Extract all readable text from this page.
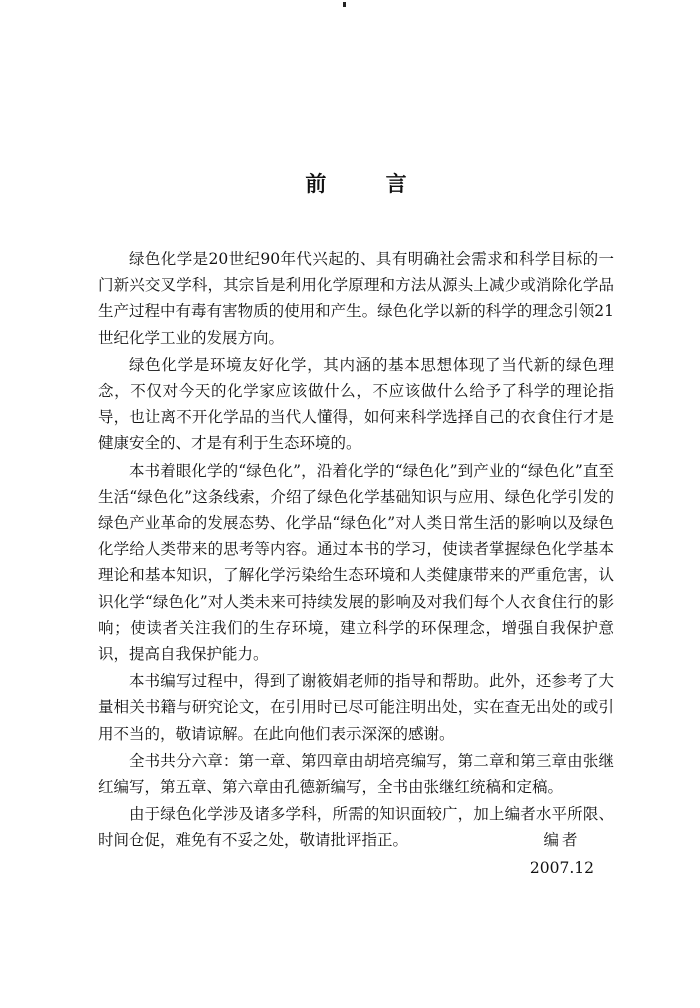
前 言

绿色化学是20世纪90年代兴起的、具有明确社会需求和科学目标的一门新兴交叉学科，其宗旨是利用化学原理和方法从源头上减少或消除化学品生产过程中有毒有害物质的使用和产生。绿色化学以新的科学的理念引领21世纪化学工业的发展方向。

绿色化学是环境友好化学，其内涵的基本思想体现了当代新的绿色理念，不仅对今天的化学家应该做什么，不应该做什么给予了科学的理论指导，也让离不开化学品的当代人懂得，如何来科学选择自己的衣食住行才是健康安全的、才是有利于生态环境的。

本书着眼化学的“绿色化”，沿着化学的“绿色化”到产业的“绿色化”直至生活“绿色化”这条线索，介绍了绿色化学基础知识与应用、绿色化学引发的绿色产业革命的发展态势、化学品“绿色化”对人类日常生活的影响以及绿色化学给人类带来的思考等内容。通过本书的学习，使读者掌握绿色化学基本理论和基本知识，了解化学污染给生态环境和人类健康带来的严重危害，认识化学“绿色化”对人类未来可持续发展的影响及对我们每个人衣食住行的影响；使读者关注我们的生存环境，建立科学的环保理念，增强自我保护意识，提高自我保护能力。

本书编写过程中，得到了谢筱娟老师的指导和帮助。此外，还参考了大量相关书籍与研究论文，在引用时已尽可能注明出处，实在查无出处的或引用不当的，敬请谅解。在此向他们表示深深的感谢。

全书共分六章：第一章、第四章由胡培亮编写，第二章和第三章由张继红编写，第五章、第六章由孔德新编写，全书由张继红统稿和定稿。

由于绿色化学涉及诸多学科，所需的知识面较广，加上编者水平所限、时间仓促，难免有不妥之处，敬请批评指正。	编者
2007.12
